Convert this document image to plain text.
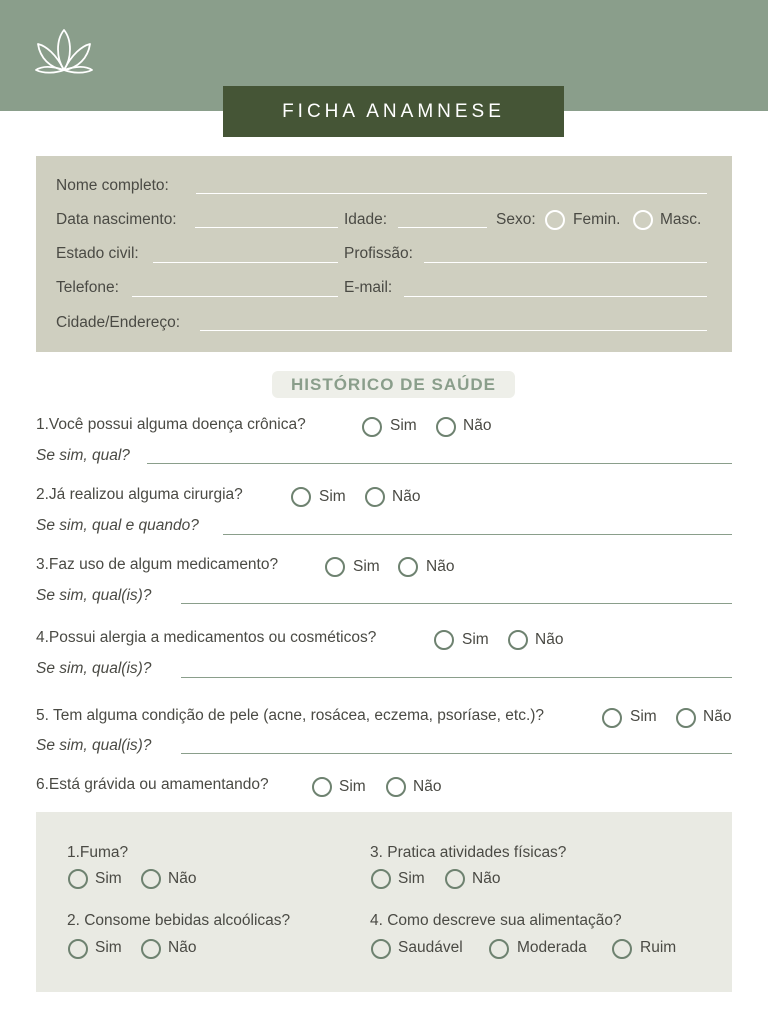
FICHA ANAMNESE
Nome completo:
Data nascimento:	Idade:	Sexo: Femin.	Masc.
Estado civil:	Profissão:
Telefone:	E-mail:
Cidade/Endereço:
HISTÓRICO DE SAÚDE
1.Você possui alguma doença crônica?	Sim	Não
Se sim, qual?
2.Já realizou alguma cirurgia?	Sim	Não
Se sim, qual e quando?
3.Faz uso de algum medicamento?	Sim	Não
Se sim, qual(is)?
4.Possui alergia a medicamentos ou cosméticos?	Sim	Não
Se sim, qual(is)?
5. Tem alguma condição de pele (acne, rosácea, eczema, psoríase, etc.)?	Sim	Não
Se sim, qual(is)?
6.Está grávida ou amamentando?	Sim	Não
1.Fuma?
Sim	Não
3. Pratica atividades físicas?
Sim	Não
2. Consome bebidas alcoólicas?
Sim	Não
4. Como descreve sua alimentação?
Saudável	Moderada	Ruim
